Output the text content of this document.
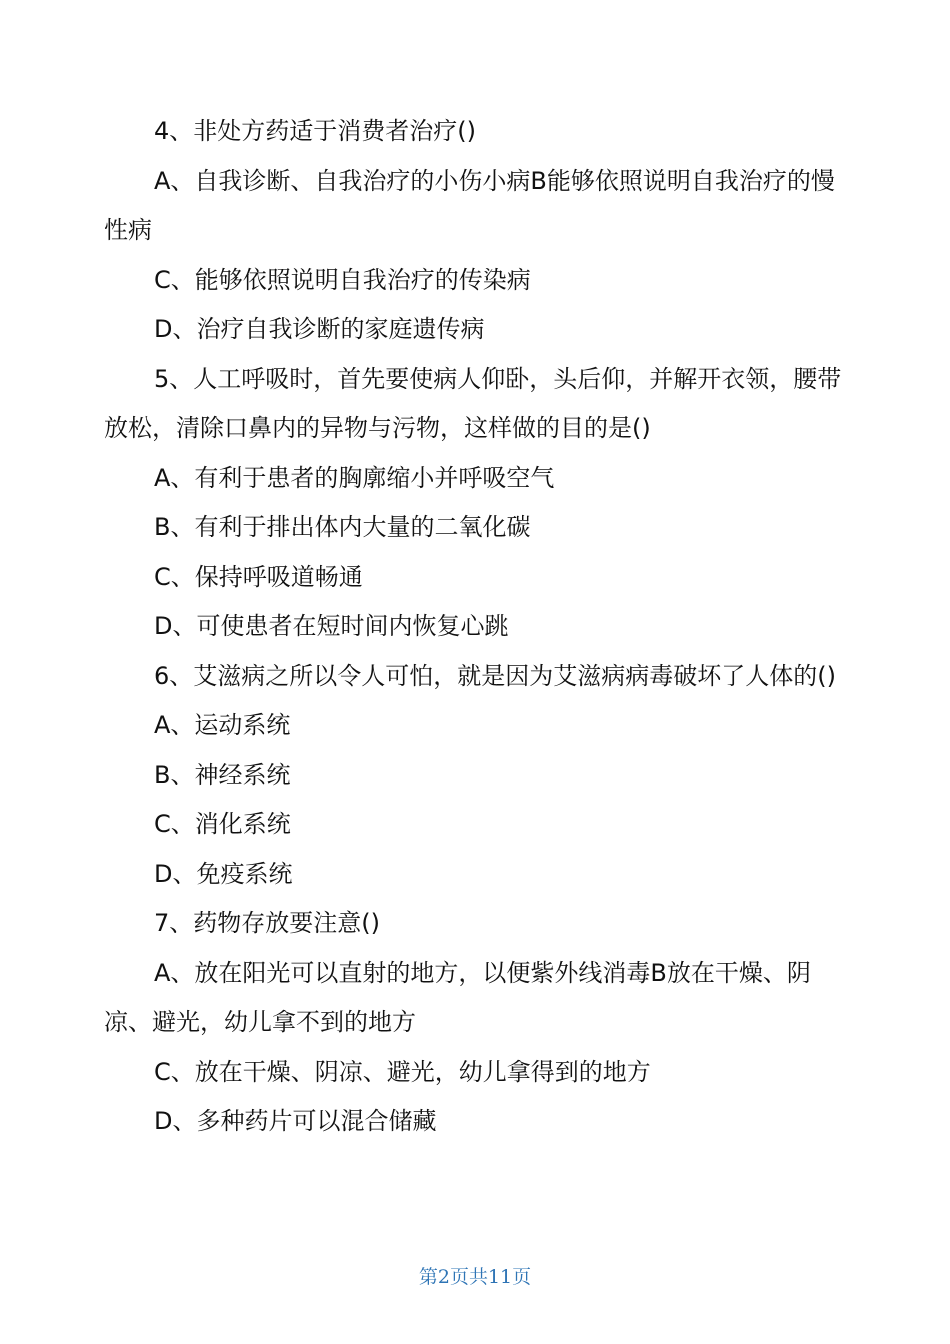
4、非处方药适于消费者治疗()

A、自我诊断、自我治疗的小伤小病B能够依照说明自我治疗的慢性病

C、能够依照说明自我治疗的传染病

D、治疗自我诊断的家庭遗传病

5、人工呼吸时，首先要使病人仰卧，头后仰，并解开衣领，腰带放松，清除口鼻内的异物与污物，这样做的目的是()

A、有利于患者的胸廓缩小并呼吸空气

B、有利于排出体内大量的二氧化碳

C、保持呼吸道畅通

D、可使患者在短时间内恢复心跳

6、艾滋病之所以令人可怕，就是因为艾滋病病毒破坏了人体的()

A、运动系统

B、神经系统

C、消化系统

D、免疫系统

7、药物存放要注意()

A、放在阳光可以直射的地方，以便紫外线消毒B放在干燥、阴凉、避光，幼儿拿不到的地方

C、放在干燥、阴凉、避光，幼儿拿得到的地方

D、多种药片可以混合储藏

第2页共11页
